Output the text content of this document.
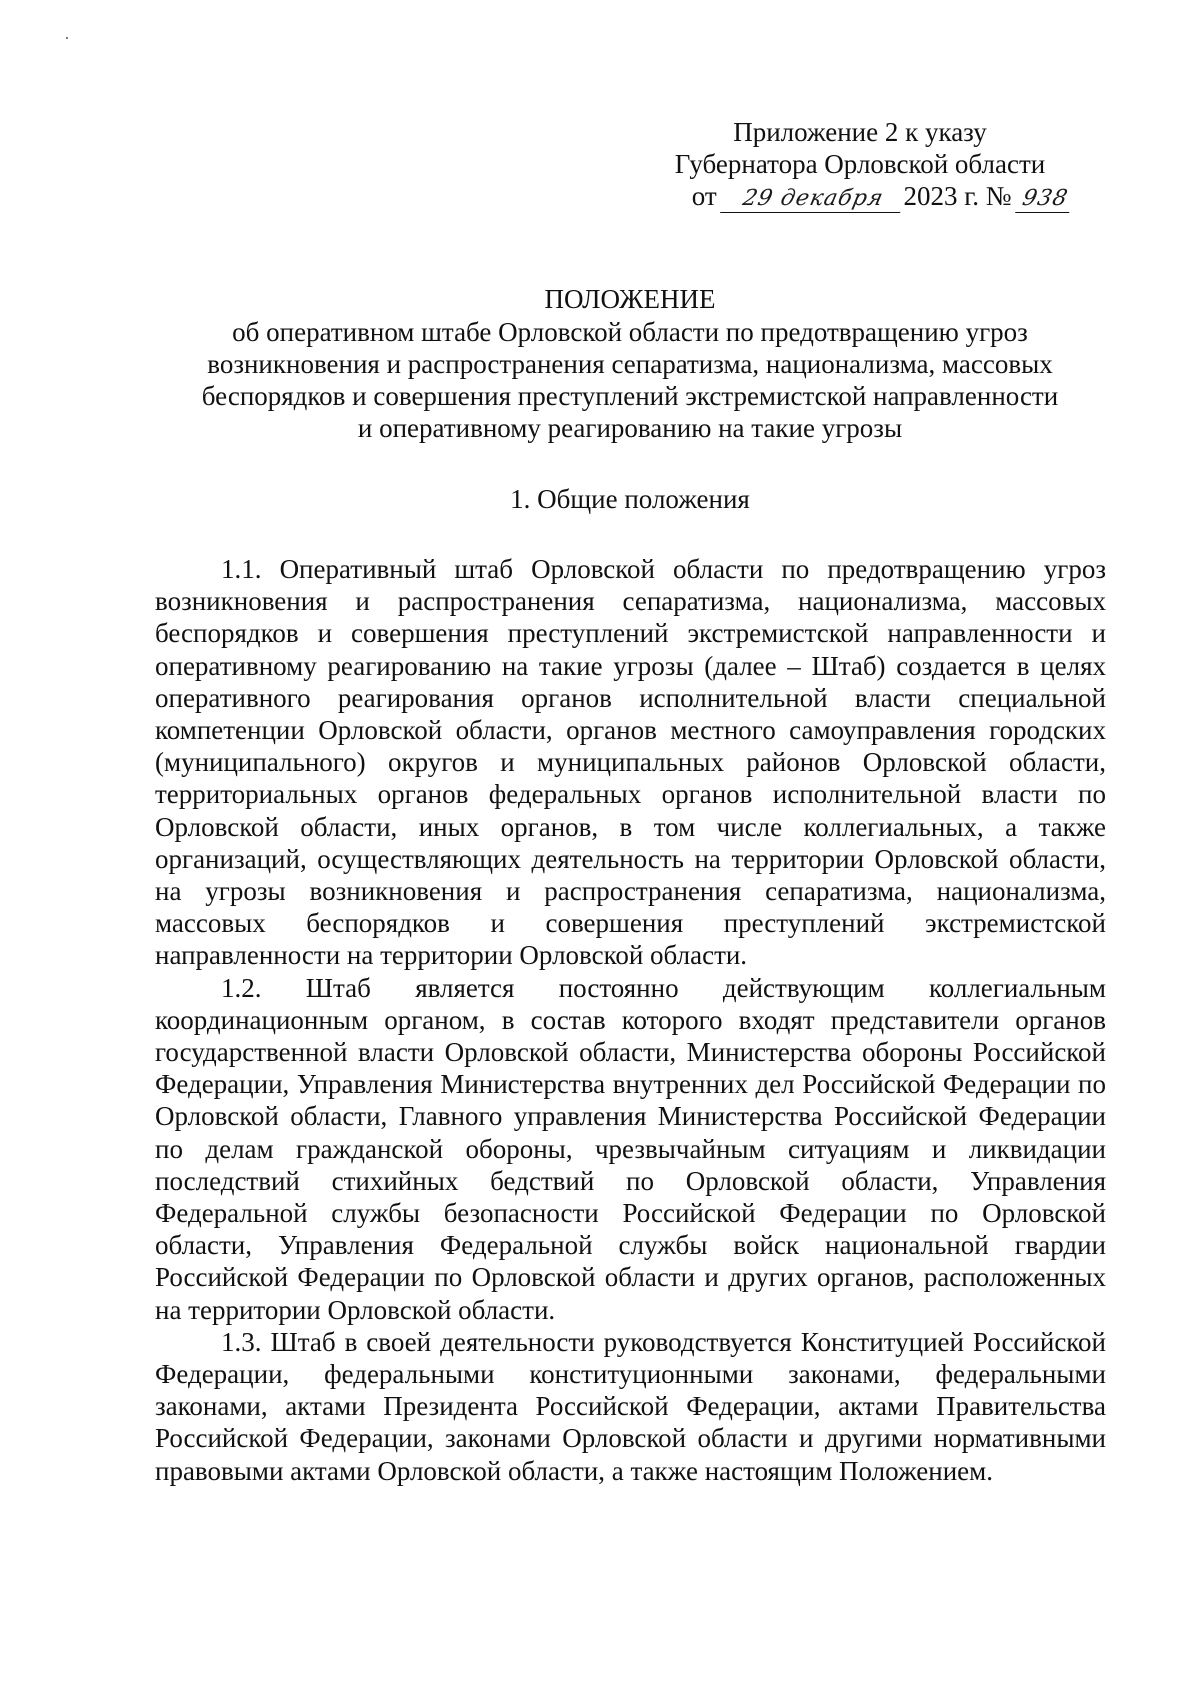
Приложение 2 к указу
Губернатора Орловской области
от 29 декабря 2023 г. № 938
ПОЛОЖЕНИЕ
об оперативном штабе Орловской области по предотвращению угроз
возникновения и распространения сепаратизма, национализма, массовых
беспорядков и совершения преступлений экстремистской направленности
и оперативному реагированию на такие угрозы
1. Общие положения

1.1. Оперативный штаб Орловской области по предотвращению угроз возникновения и распространения сепаратизма, национализма, массовых беспорядков и совершения преступлений экстремистской направленности и оперативному реагированию на такие угрозы (далее – Штаб) создается в целях оперативного реагирования органов исполнительной власти специальной компетенции Орловской области, органов местного самоуправления городских (муниципального) округов и муниципальных районов Орловской области, территориальных органов федеральных органов исполнительной власти по Орловской области, иных органов, в том числе коллегиальных, а также организаций, осуществляющих деятельность на территории Орловской области, на угрозы возникновения и распространения сепаратизма, национализма, массовых беспорядков и совершения преступлений экстремистской направленности на территории Орловской области.

1.2. Штаб является постоянно действующим коллегиальным координационным органом, в состав которого входят представители органов государственной власти Орловской области, Министерства обороны Российской Федерации, Управления Министерства внутренних дел Российской Федерации по Орловской области, Главного управления Министерства Российской Федерации по делам гражданской обороны, чрезвычайным ситуациям и ликвидации последствий стихийных бедствий по Орловской области, Управления Федеральной службы безопасности Российской Федерации по Орловской области, Управления Федеральной службы войск национальной гвардии Российской Федерации по Орловской области и других органов, расположенных на территории Орловской области.

1.3. Штаб в своей деятельности руководствуется Конституцией Российской Федерации, федеральными конституционными законами, федеральными законами, актами Президента Российской Федерации, актами Правительства Российской Федерации, законами Орловской области и другими нормативными правовыми актами Орловской области, а также настоящим Положением.
